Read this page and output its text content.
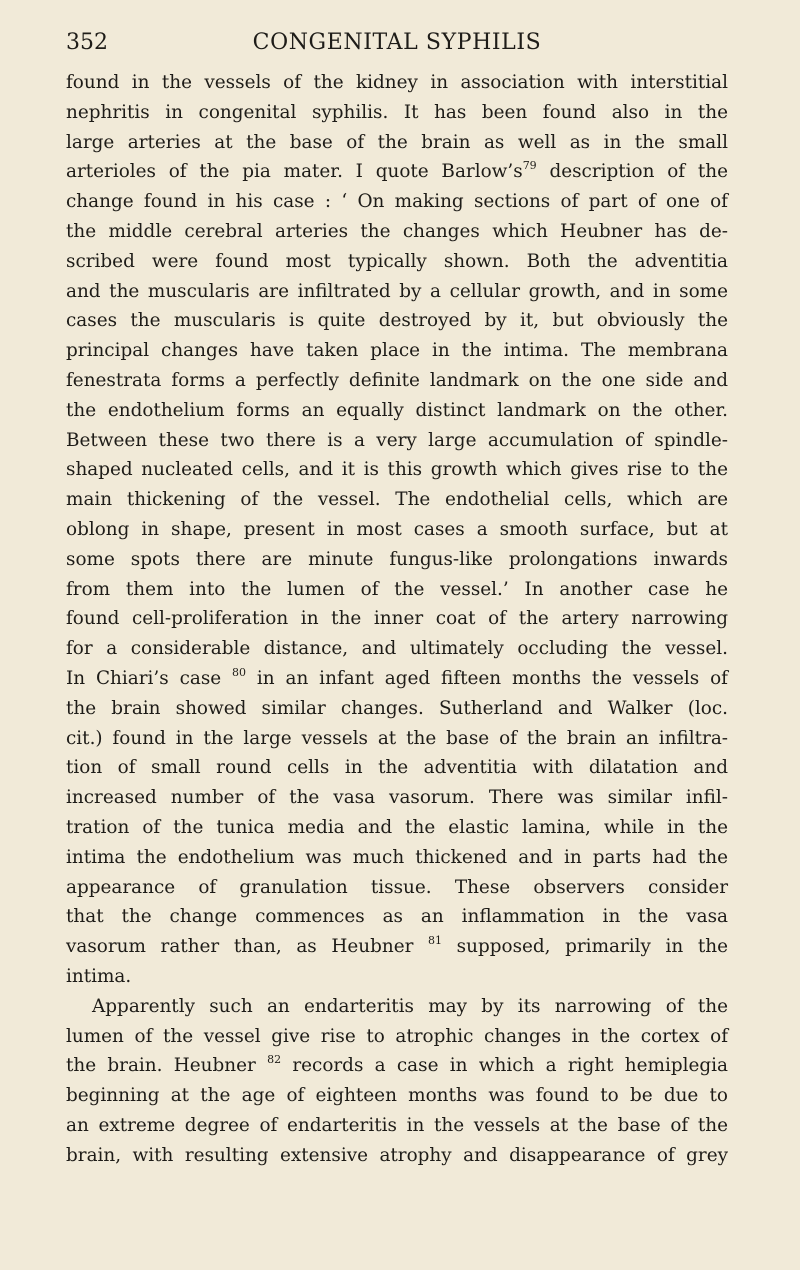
352	CONGENITAL SYPHILIS
found in the vessels of the kidney in association with interstitial
nephritis in congenital syphilis. It has been found also in the
large arteries at the base of the brain as well as in the small
arterioles of the pia mater. I quote Barlow’s$^{79}$ description of the
change found in his case : ‘ On making sections of part of one of
the middle cerebral arteries the changes which Heubner has de-
scribed were found most typically shown. Both the adventitia
and the muscularis are infiltrated by a cellular growth, and in some
cases the muscularis is quite destroyed by it, but obviously the
principal changes have taken place in the intima. The membrana
fenestrata forms a perfectly definite landmark on the one side and
the endothelium forms an equally distinct landmark on the other.
Between these two there is a very large accumulation of spindle-
shaped nucleated cells, and it is this growth which gives rise to the
main thickening of the vessel. The endothelial cells, which are
oblong in shape, present in most cases a smooth surface, but at
some spots there are minute fungus-like prolongations inwards
from them into the lumen of the vessel.’ In another case he
found cell-proliferation in the inner coat of the artery narrowing
for a considerable distance, and ultimately occluding the vessel.
In Chiari’s case $^{80}$ in an infant aged fifteen months the vessels of
the brain showed similar changes. Sutherland and Walker (loc.
cit.) found in the large vessels at the base of the brain an infiltra-
tion of small round cells in the adventitia with dilatation and
increased number of the vasa vasorum. There was similar infil-
tration of the tunica media and the elastic lamina, while in the
intima the endothelium was much thickened and in parts had the
appearance of granulation tissue. These observers consider
that the change commences as an inflammation in the vasa
vasorum rather than, as Heubner $^{81}$ supposed, primarily in the
intima.
Apparently such an endarteritis may by its narrowing of the
lumen of the vessel give rise to atrophic changes in the cortex of
the brain. Heubner $^{82}$ records a case in which a right hemiplegia
beginning at the age of eighteen months was found to be due to
an extreme degree of endarteritis in the vessels at the base of the
brain, with resulting extensive atrophy and disappearance of grey
